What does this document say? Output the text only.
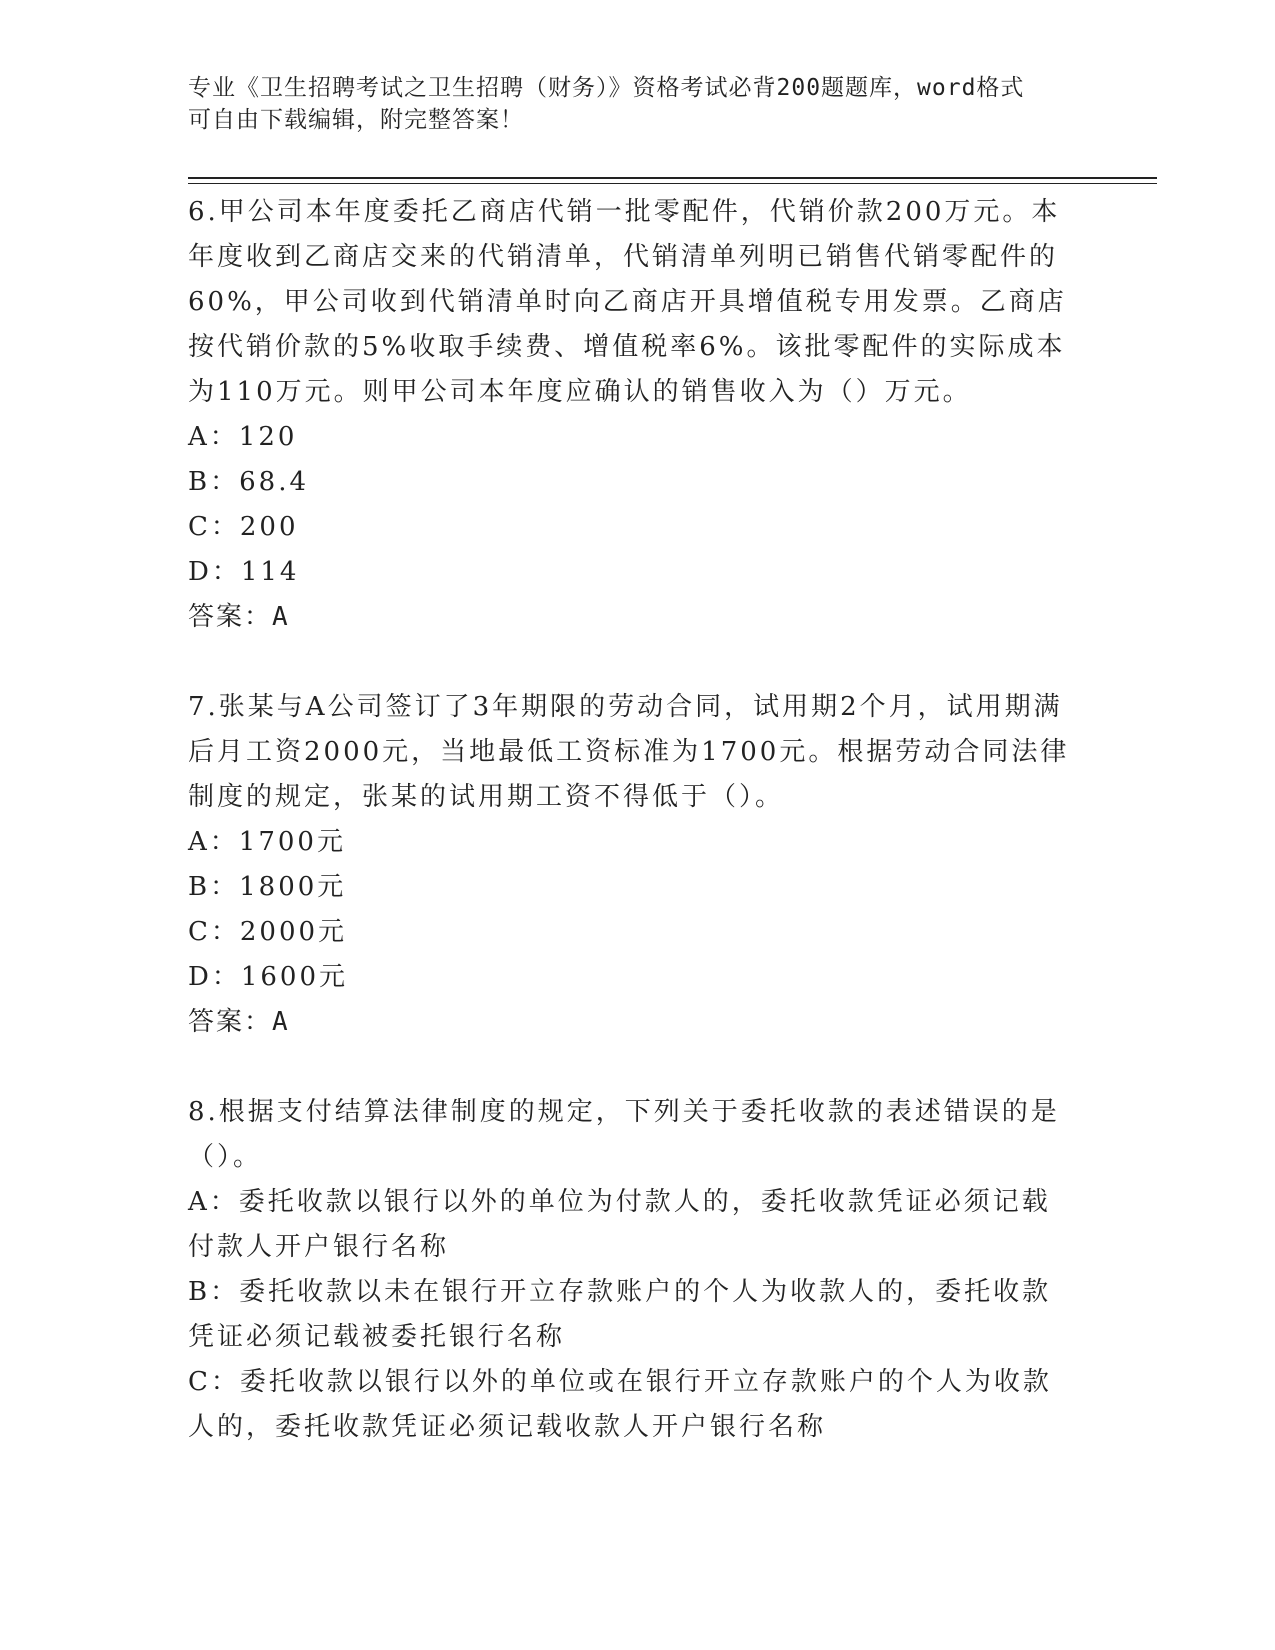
专业《卫生招聘考试之卫生招聘（财务）》资格考试必背200题题库，word格式
可自由下载编辑，附完整答案！
6.甲公司本年度委托乙商店代销一批零配件，代销价款200万元。本年度收到乙商店交来的代销清单，代销清单列明已销售代销零配件的60%，甲公司收到代销清单时向乙商店开具增值税专用发票。乙商店按代销价款的5%收取手续费、增值税率6%。该批零配件的实际成本为110万元。则甲公司本年度应确认的销售收入为（）万元。
A：120
B：68.4
C：200
D：114
答案：A
7.张某与A公司签订了3年期限的劳动合同，试用期2个月，试用期满后月工资2000元，当地最低工资标准为1700元。根据劳动合同法律制度的规定，张某的试用期工资不得低于（）。
A：1700元
B：1800元
C：2000元
D：1600元
答案：A
8.根据支付结算法律制度的规定，下列关于委托收款的表述错误的是（）。
A：委托收款以银行以外的单位为付款人的，委托收款凭证必须记载付款人开户银行名称
B：委托收款以未在银行开立存款账户的个人为收款人的，委托收款凭证必须记载被委托银行名称
C：委托收款以银行以外的单位或在银行开立存款账户的个人为收款人的，委托收款凭证必须记载收款人开户银行名称
